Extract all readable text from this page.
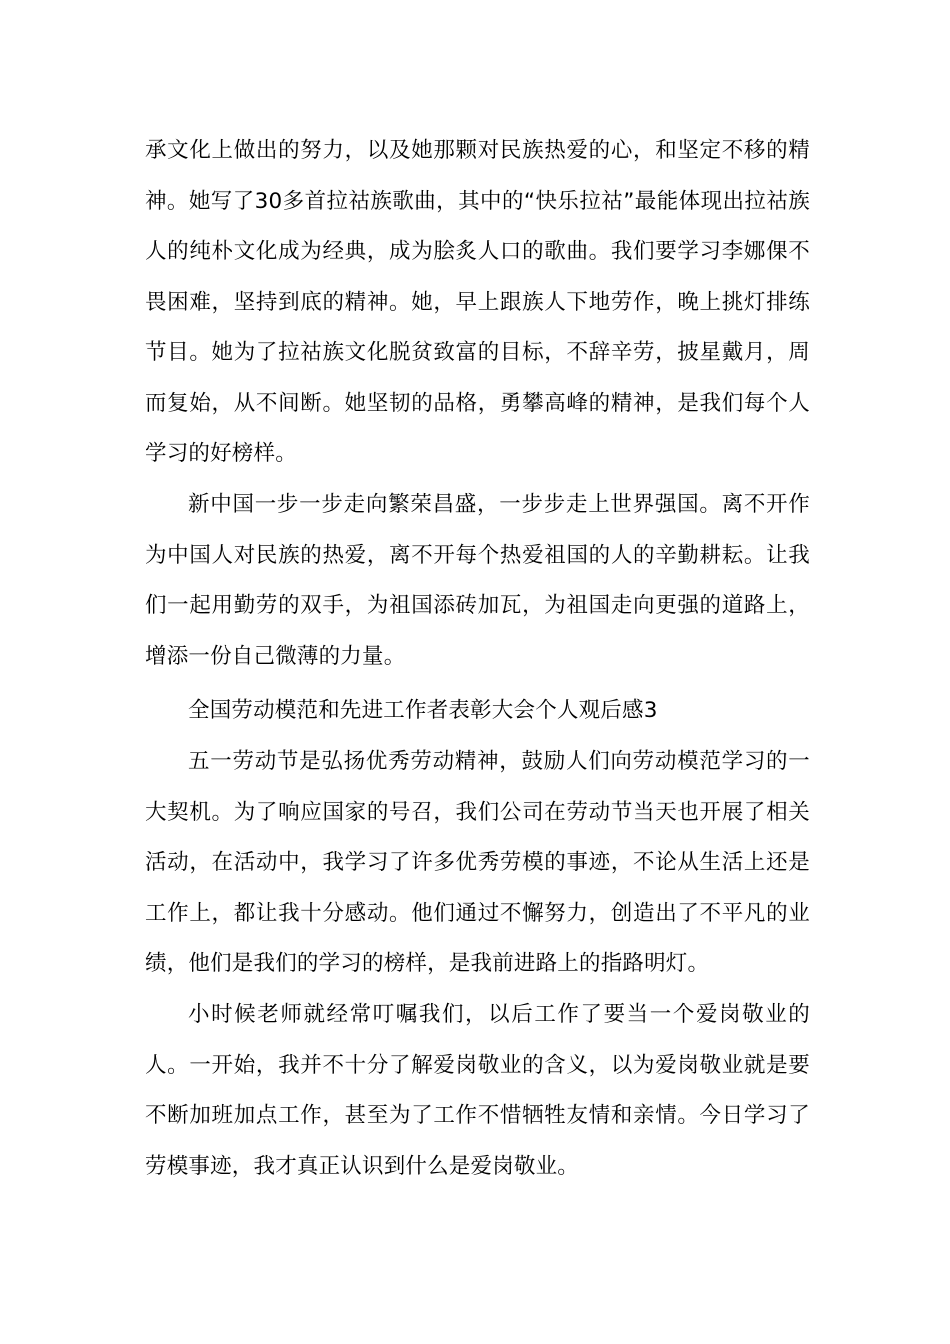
承文化上做出的努力，以及她那颗对民族热爱的心，和坚定不移的精神。她写了30多首拉祜族歌曲，其中的“快乐拉祜”最能体现出拉祜族人的纯朴文化成为经典，成为脍炙人口的歌曲。我们要学习李娜倮不畏困难，坚持到底的精神。她，早上跟族人下地劳作，晚上挑灯排练节目。她为了拉祜族文化脱贫致富的目标，不辞辛劳，披星戴月，周而复始，从不间断。她坚韧的品格，勇攀高峰的精神，是我们每个人学习的好榜样。

新中国一步一步走向繁荣昌盛，一步步走上世界强国。离不开作为中国人对民族的热爱，离不开每个热爱祖国的人的辛勤耕耘。让我们一起用勤劳的双手，为祖国添砖加瓦，为祖国走向更强的道路上，增添一份自己微薄的力量。

全国劳动模范和先进工作者表彰大会个人观后感3

五一劳动节是弘扬优秀劳动精神，鼓励人们向劳动模范学习的一大契机。为了响应国家的号召，我们公司在劳动节当天也开展了相关活动，在活动中，我学习了许多优秀劳模的事迹，不论从生活上还是工作上，都让我十分感动。他们通过不懈努力，创造出了不平凡的业绩，他们是我们的学习的榜样，是我前进路上的指路明灯。

小时候老师就经常叮嘱我们，以后工作了要当一个爱岗敬业的人。一开始，我并不十分了解爱岗敬业的含义，以为爱岗敬业就是要不断加班加点工作，甚至为了工作不惜牺牲友情和亲情。今日学习了劳模事迹，我才真正认识到什么是爱岗敬业。
